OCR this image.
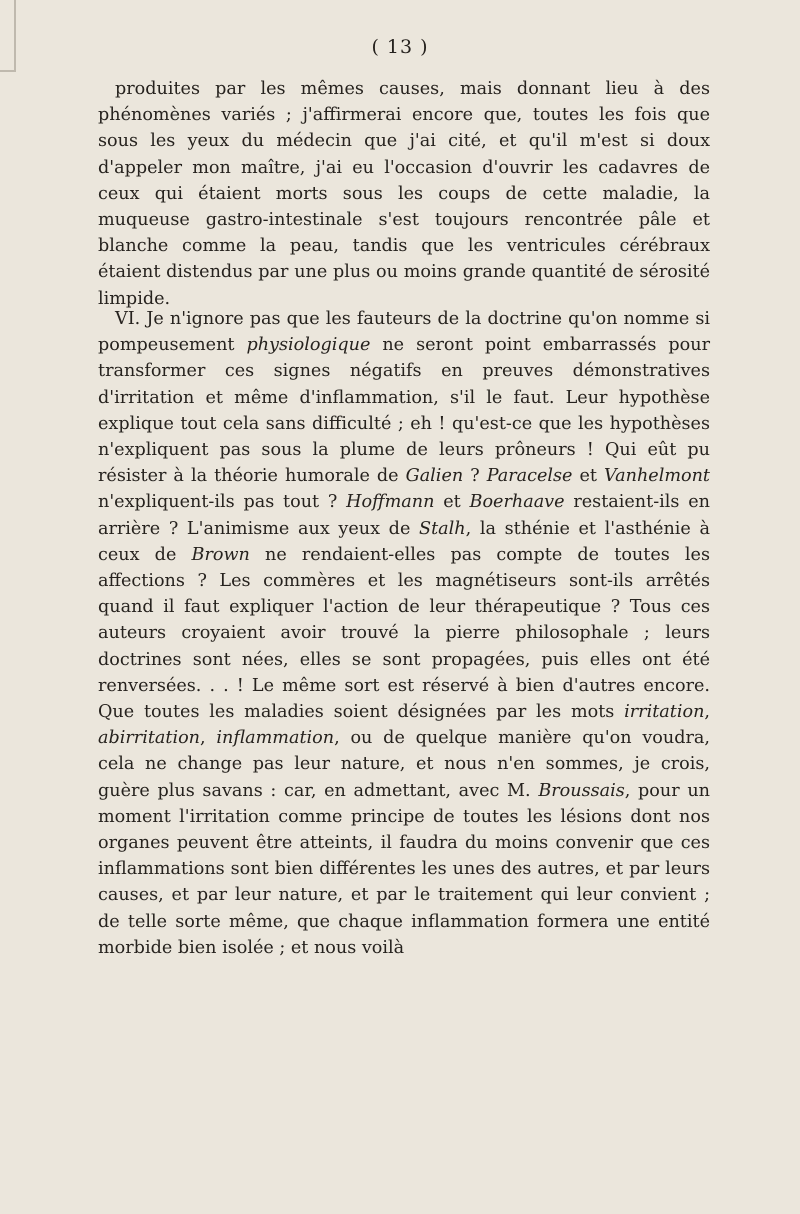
( 13 )

produites par les mêmes causes, mais donnant lieu à des phénomènes variés ; j'affirmerai encore que, toutes les fois que sous les yeux du médecin que j'ai cité, et qu'il m'est si doux d'appeler mon maître, j'ai eu l'occasion d'ouvrir les cadavres de ceux qui étaient morts sous les coups de cette maladie, la muqueuse gastro-intestinale s'est toujours rencontrée pâle et blanche comme la peau, tandis que les ventricules cérébraux étaient distendus par une plus ou moins grande quantité de sérosité limpide.

VI. Je n'ignore pas que les fauteurs de la doctrine qu'on nomme si pompeusement physiologique ne seront point embarrassés pour transformer ces signes négatifs en preuves démonstratives d'irritation et même d'inflammation, s'il le faut. Leur hypothèse explique tout cela sans difficulté ; eh ! qu'est-ce que les hypothèses n'expliquent pas sous la plume de leurs prôneurs ! Qui eût pu résister à la théorie humorale de Galien ? Paracelse et Vanhelmont n'expliquent-ils pas tout ? Hoffmann et Boerhaave restaient-ils en arrière ? L'animisme aux yeux de Stalh, la sthénie et l'asthénie à ceux de Brown ne rendaient-elles pas compte de toutes les affections ? Les commères et les magnétiseurs sont-ils arrêtés quand il faut expliquer l'action de leur thérapeutique ? Tous ces auteurs croyaient avoir trouvé la pierre philosophale ; leurs doctrines sont nées, elles se sont propagées, puis elles ont été renversées. . . ! Le même sort est réservé à bien d'autres encore. Que toutes les maladies soient désignées par les mots irritation, abirritation, inflammation, ou de quelque manière qu'on voudra, cela ne change pas leur nature, et nous n'en sommes, je crois, guère plus savans : car, en admettant, avec M. Broussais, pour un moment l'irritation comme principe de toutes les lésions dont nos organes peuvent être atteints, il faudra du moins convenir que ces inflammations sont bien différentes les unes des autres, et par leurs causes, et par leur nature, et par le traitement qui leur convient ; de telle sorte même, que chaque inflammation formera une entité morbide bien isolée ; et nous voilà
